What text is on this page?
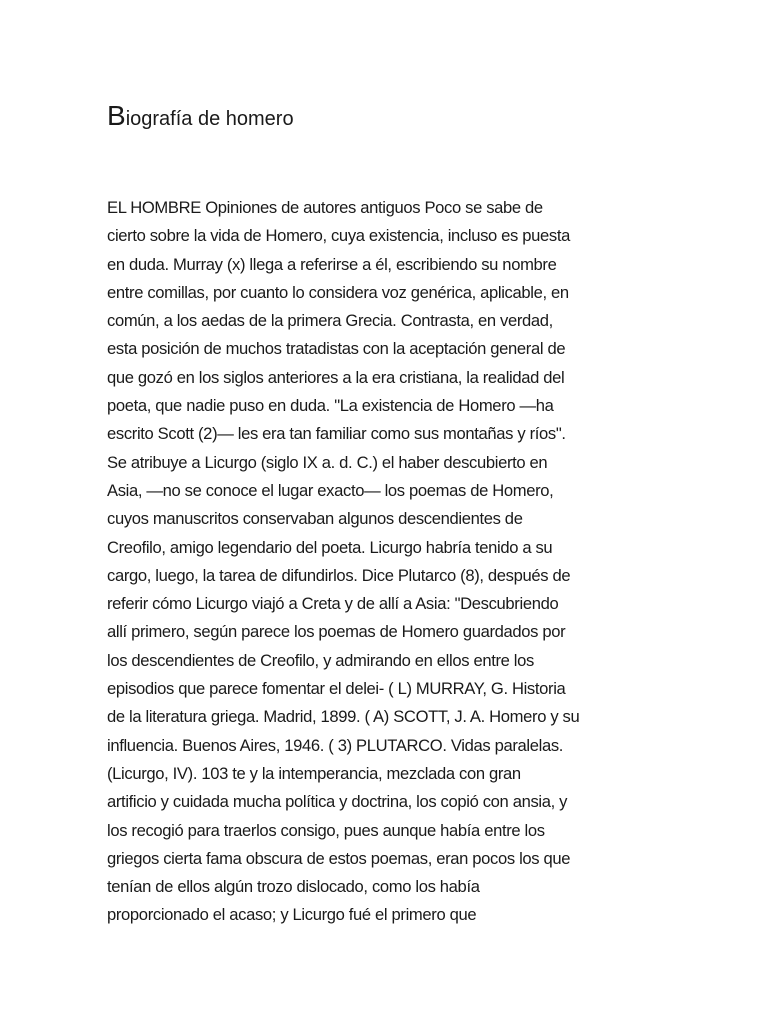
Biografía de homero
EL HOMBRE Opiniones de autores antiguos Poco se sabe de
cierto sobre la vida de Homero, cuya existencia, incluso es puesta
en duda. Murray (x) llega a referirse a él, escribiendo su nombre
entre comillas, por cuanto lo considera voz genérica, aplicable, en
común, a los aedas de la primera Grecia. Contrasta, en verdad,
esta posición de muchos tratadistas con la aceptación general de
que gozó en los siglos anteriores a la era cristiana, la realidad del
poeta, que nadie puso en duda. "La existencia de Homero —ha
escrito Scott (2)— les era tan familiar como sus montañas y ríos".
Se atribuye a Licurgo (siglo IX a. d. C.) el haber descubierto en
Asia, —no se conoce el lugar exacto— los poemas de Homero,
cuyos manuscritos conservaban algunos descendientes de
Creofilo, amigo legendario del poeta. Licurgo habría tenido a su
cargo, luego, la tarea de difundirlos. Dice Plutarco (8), después de
referir cómo Licurgo viajó a Creta y de allí a Asia: "Descubriendo
allí primero, según parece los poemas de Homero guardados por
los descendientes de Creofilo, y admirando en ellos entre los
episodios que parece fomentar el delei- ( L) MURRAY, G. Historia
de la literatura griega. Madrid, 1899. ( A) SCOTT, J. A. Homero y su
influencia. Buenos Aires, 1946. ( 3) PLUTARCO. Vidas paralelas.
(Licurgo, IV). 103 te y la intemperancia, mezclada con gran
artificio y cuidada mucha política y doctrina, los copió con ansia, y
los recogió para traerlos consigo, pues aunque había entre los
griegos cierta fama obscura de estos poemas, eran pocos los que
tenían de ellos algún trozo dislocado, como los había
proporcionado el acaso; y Licurgo fué el primero que
